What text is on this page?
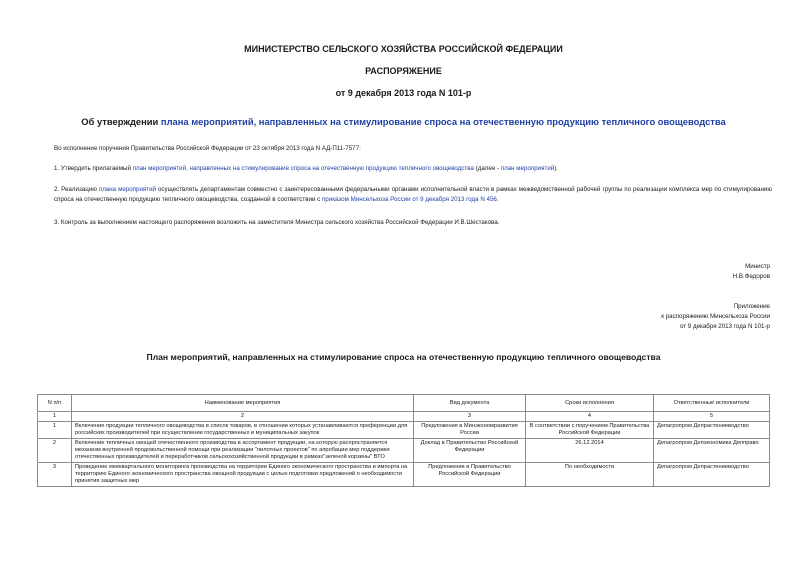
МИНИСТЕРСТВО СЕЛЬСКОГО ХОЗЯЙСТВА РОССИЙСКОЙ ФЕДЕРАЦИИ
РАСПОРЯЖЕНИЕ
от 9 декабря 2013 года N 101-р
Об утверждении плана мероприятий, направленных на стимулирование спроса на отечественную продукцию тепличного овощеводства
Во исполнение поручения Правительства Российской Федерации от 23 октября 2013 года N АД-П11-7577:
1. Утвердить прилагаемый план мероприятий, направленных на стимулирование спроса на отечественную продукцию тепличного овощеводства (далее - план мероприятий).
2. Реализацию плана мероприятий осуществлять департаментам совместно с заинтересованными федеральными органами исполнительной власти в рамках межведомственной рабочей группы по реализации комплекса мер по стимулированию спроса на отечественную продукцию тепличного овощеводства, созданной в соответствии с приказом Минсельхоза России от 9 декабря 2013 года N 456.
3. Контроль за выполнением настоящего распоряжения возложить на заместителя Министра сельского хозяйства Российской Федерации И.В.Шестакова.
Министр
Н.В.Федоров
Приложение
к распоряжению Минсельхоза России
от 9 декабря 2013 года N 101-р
План мероприятий, направленных на стимулирование спроса на отечественную продукцию тепличного овощеводства
N п/п	Наименование мероприятия	Вид документа	Сроки исполнения	Ответственные исполнители
1	2	3	4	5
1	Включение продукции тепличного овощеводства в список товаров, в отношении которых устанавливаются преференции для российских производителей при осуществлении государственных и муниципальных закупок	Предложения в Минэкономразвития России	В соответствии с поручением Правительства Российской Федерации	Депагропром Депрастениеводство
2	Включение тепличных овощей отечественного производства в ассортимент продукции, на которую распространяется механизм внутренней продовольственной помощи при реализации "пилотных проектов" по апробации мер поддержки отечественных производителей и переработчиков сельскохозяйственной продукции в рамках"зеленой корзины" ВТО	Доклад в Правительство Российской Федерации	26.12.2014	Депагропром Депэкономика Депправо
3	Проведение ежеквартального мониторинга производства на территории Единого экономического пространства и импорта на территорию Единого экономического пространства овощной продукции с целью подготовки предложений о необходимости принятия защитных мер	Предложения в Правительство Российской Федерации	По необходимости	Депагропром Депрастениеводство
